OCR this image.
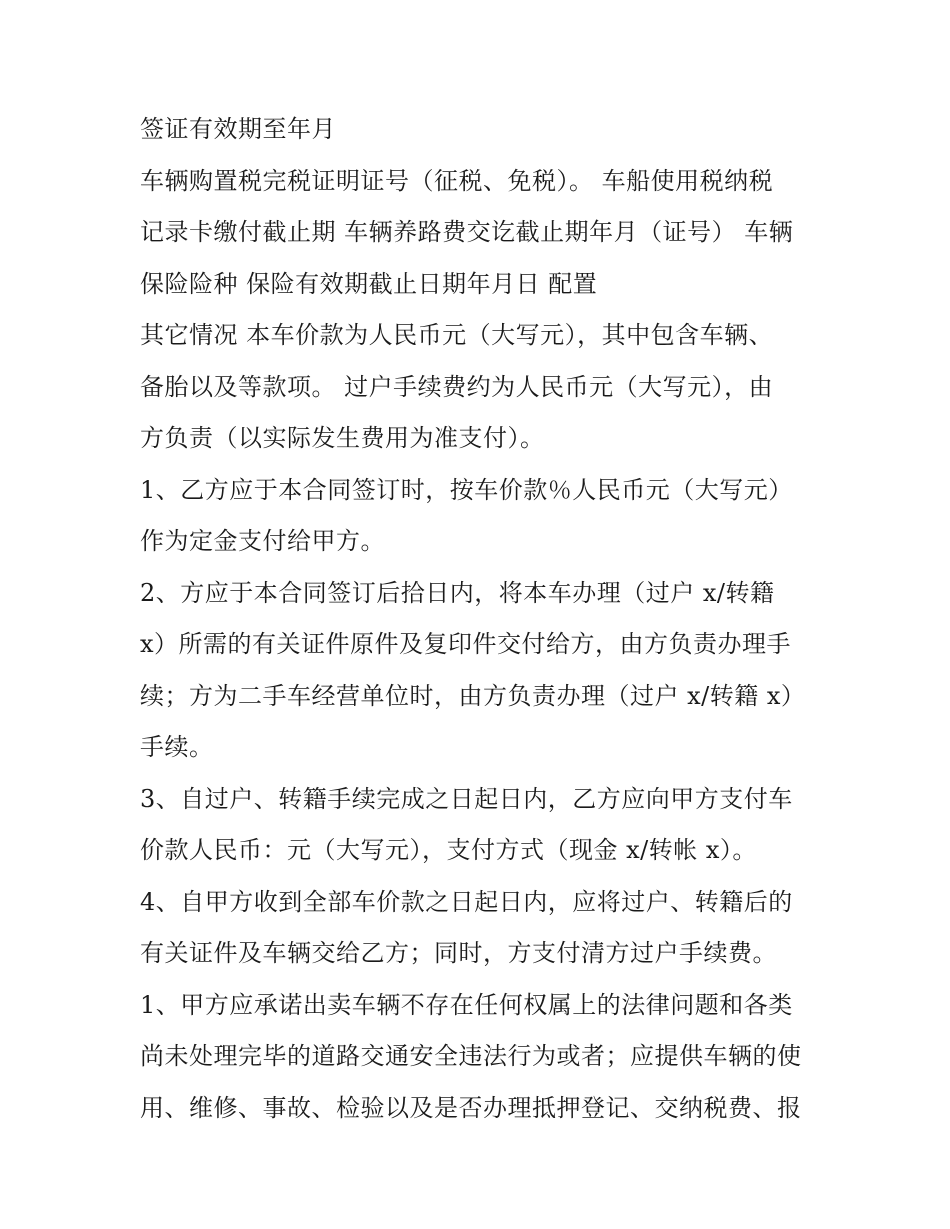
签证有效期至年月
车辆购置税完税证明证号（征税、免税）。 车船使用税纳税
记录卡缴付截止期 车辆养路费交讫截止期年月（证号） 车辆
保险险种 保险有效期截止日期年月日 配置
其它情况 本车价款为人民币元（大写元），其中包含车辆、
备胎以及等款项。 过户手续费约为人民币元（大写元），由
方负责（以实际发生费用为准支付）。
1、乙方应于本合同签订时，按车价款％人民币元（大写元）
作为定金支付给甲方。
2、方应于本合同签订后拾日内，将本车办理（过户 x/转籍
x）所需的有关证件原件及复印件交付给方，由方负责办理手
续；方为二手车经营单位时，由方负责办理（过户 x/转籍 x）
手续。
3、自过户、转籍手续完成之日起日内，乙方应向甲方支付车
价款人民币：元（大写元），支付方式（现金 x/转帐 x）。
4、自甲方收到全部车价款之日起日内，应将过户、转籍后的
有关证件及车辆交给乙方；同时，方支付清方过户手续费。
1、甲方应承诺出卖车辆不存在任何权属上的法律问题和各类
尚未处理完毕的道路交通安全违法行为或者；应提供车辆的使
用、维修、事故、检验以及是否办理抵押登记、交纳税费、报
